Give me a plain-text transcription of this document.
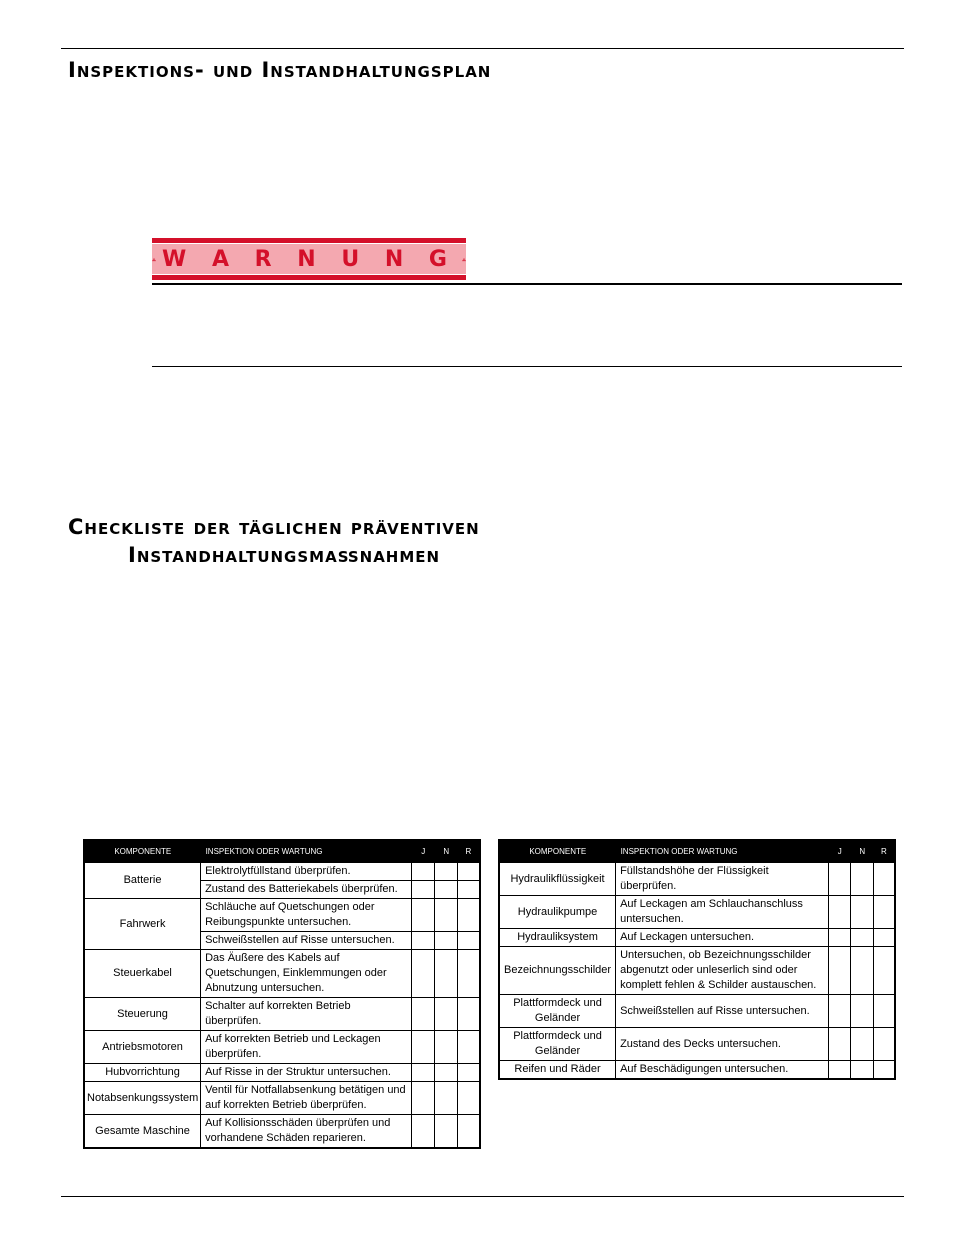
Inspektions- und Instandhaltungsplan
W A R N U N G
Checkliste der täglichen präventiven
Instandhaltungsmaßnahmen
KOMPONENTE	INSPEKTION ODER WARTUNG	J	N	R
Batterie	Elektrolytfüllstand überprüfen.			
	Zustand des Batteriekabels überprüfen.			
Fahrwerk	Schläuche auf Quetschungen oder Reibungspunkte untersuchen.			
	Schweißstellen auf Risse untersuchen.			
Steuerkabel	Das Äußere des Kabels auf Quetschungen, Einklemmungen oder Abnutzung untersuchen.			
Steuerung	Schalter auf korrekten Betrieb überprüfen.			
Antriebsmotoren	Auf korrekten Betrieb und Leckagen überprüfen.			
Hubvorrichtung	Auf Risse in der Struktur untersuchen.			
Notabsenkungssystem	Ventil für Notfallabsenkung betätigen und auf korrekten Betrieb überprüfen.			
Gesamte Maschine	Auf Kollisionsschäden überprüfen und vorhandene Schäden reparieren.			
KOMPONENTE	INSPEKTION ODER WARTUNG	J	N	R
Hydraulikflüssigkeit	Füllstandshöhe der Flüssigkeit überprüfen.			
Hydraulikpumpe	Auf Leckagen am Schlauchanschluss untersuchen.			
Hydrauliksystem	Auf Leckagen untersuchen.			
Bezeichnungsschilder	Untersuchen, ob Bezeichnungsschilder abgenutzt oder unleserlich sind oder komplett fehlen & Schilder austauschen.			
Plattformdeck und Geländer	Schweißstellen auf Risse untersuchen.			
Plattformdeck und Geländer	Zustand des Decks untersuchen.			
Reifen und Räder	Auf Beschädigungen untersuchen.			
